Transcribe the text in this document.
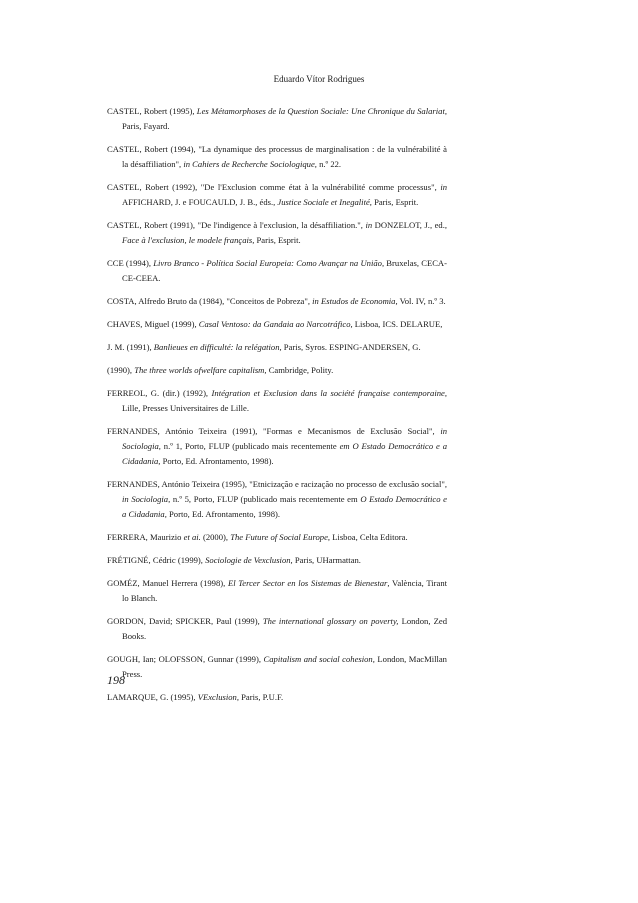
Eduardo Vítor Rodrigues

CASTEL, Robert (1995), Les Métamorphoses de la Question Sociale: Une Chronique du Salariat, Paris, Fayard.

CASTEL, Robert (1994), "La dynamique des processus de marginalisation : de la vulnérabilité à la désaffiliation", in Cahiers de Recherche Sociologique, n.º 22.

CASTEL, Robert (1992), "De l'Exclusion comme état à la vulnérabilité comme processus", in AFFICHARD, J. e FOUCAULD, J. B., éds., Justice Sociale et Inegalité, Paris, Esprit.

CASTEL, Robert (1991), "De l'indigence à l'exclusion, la désaffiliation.", in DONZELOT, J., ed., Face à l'exclusion, le modele français, Paris, Esprit.

CCE (1994), Livro Branco - Política Social Europeia: Como Avançar na União, Bruxelas, CECA-CE-CEEA.

COSTA, Alfredo Bruto da (1984), "Conceitos de Pobreza", in Estudos de Economia, Vol. IV, n.º 3.

CHAVES, Miguel (1999), Casal Ventoso: da Gandaia ao Narcotráfico, Lisboa, ICS. DELARUE,

J. M. (1991), Banlieues en difficulté: la relégation, Paris, Syros. ESPING-ANDERSEN, G.

(1990), The three worlds ofwelfare capitalism, Cambridge, Polity.

FERREOL, G. (dir.) (1992), Intégration et Exclusion dans la société française contemporaine, Lille, Presses Universitaires de Lille.

FERNANDES, António Teixeira (1991), "Formas e Mecanismos de Exclusão Social", in Sociologia, n.º 1, Porto, FLUP (publicado mais recentemente em O Estado Democrático e a Cidadania, Porto, Ed. Afrontamento, 1998).

FERNANDES, António Teixeira (1995), "Etnicização e racização no processo de exclusão social", in Sociologia, n.º 5, Porto, FLUP (publicado mais recentemente em O Estado Democrático e a Cidadania, Porto, Ed. Afrontamento, 1998).

FERRERA, Maurizio et ai. (2000), The Future of Social Europe, Lisboa, Celta Editora.

FRÉTIGNÉ, Cédric (1999), Sociologie de Vexclusion, Paris, UHarmattan.

GOMÉZ, Manuel Herrera (1998), El Tercer Sector en los Sistemas de Bienestar, València, Tirant lo Blanch.

GORDON, David; SPICKER, Paul (1999), The international glossary on poverty, London, Zed Books.

GOUGH, Ian; OLOFSSON, Gunnar (1999), Capitalism and social cohesion, London, MacMillan Press.

LAMARQUE, G. (1995), VExclusion, Paris, P.U.F.

198
